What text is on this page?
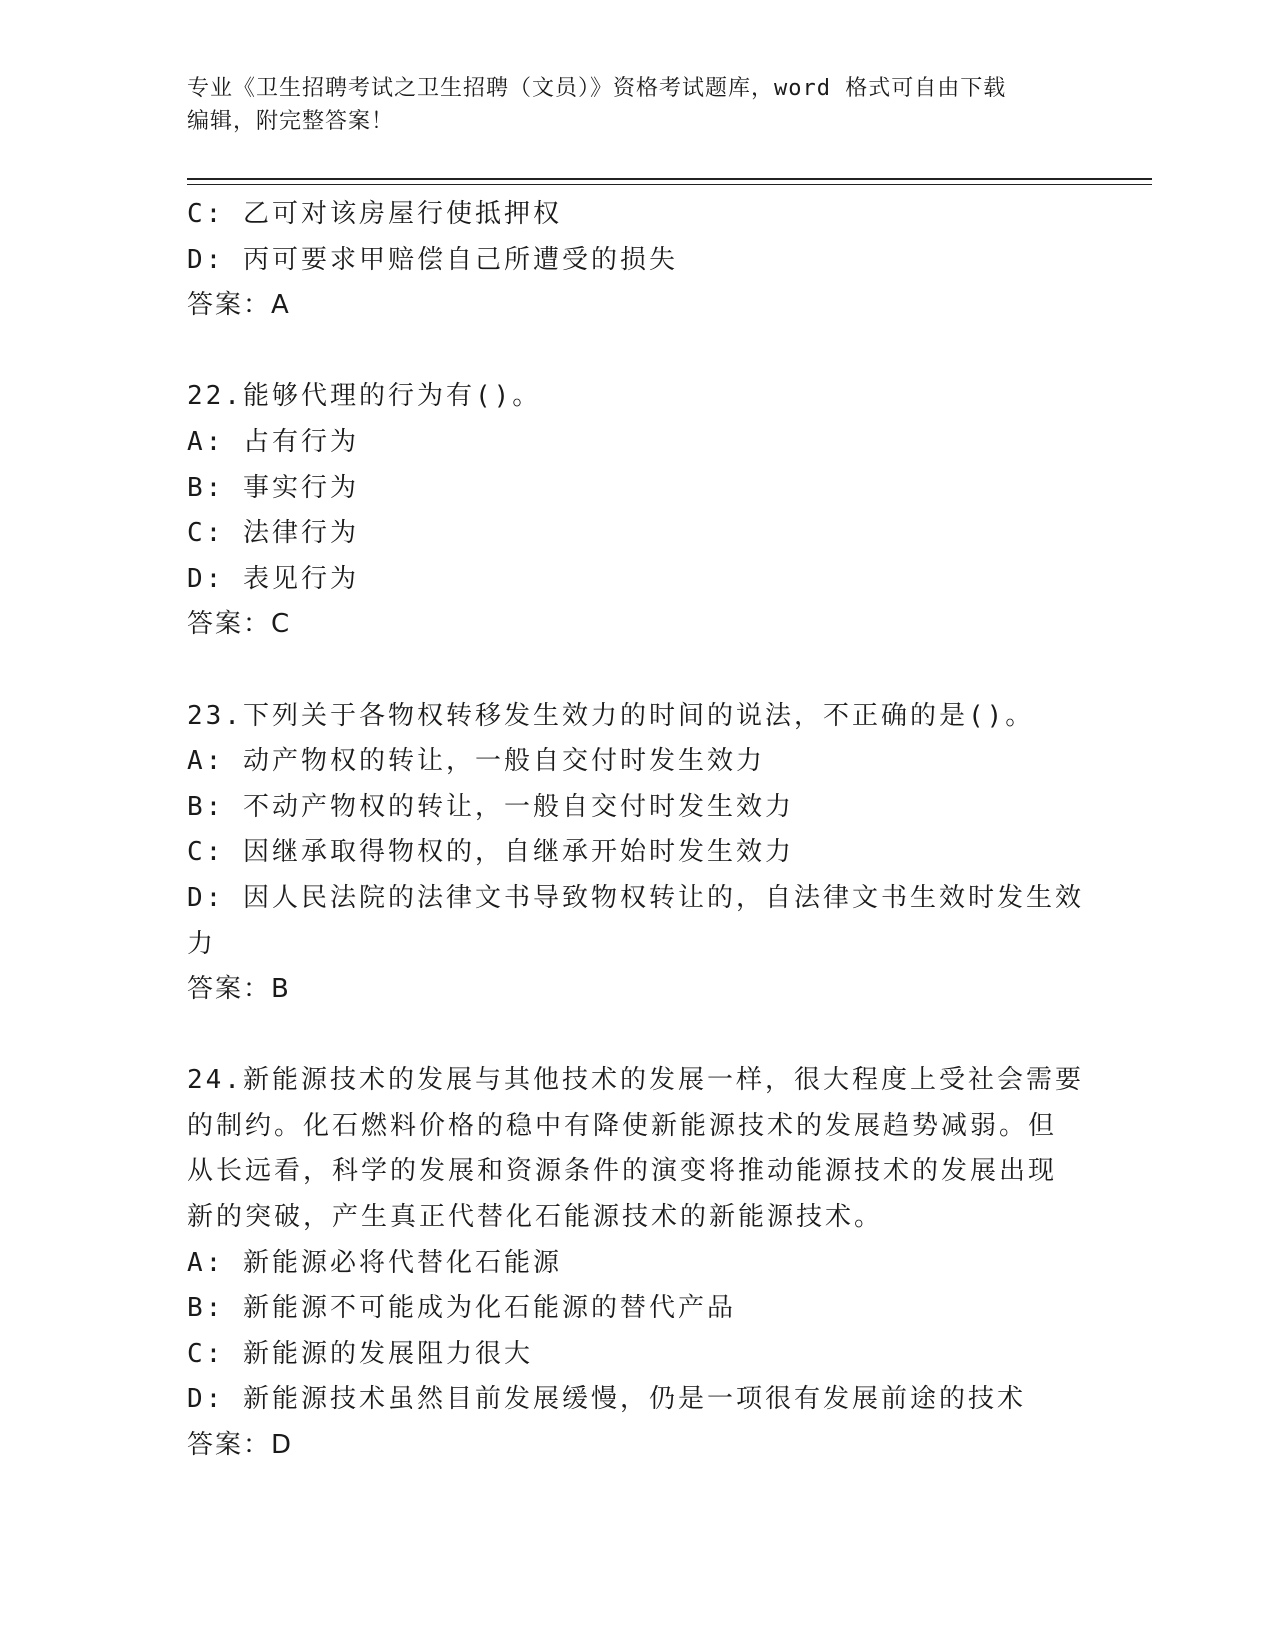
专业《卫生招聘考试之卫生招聘（文员）》资格考试题库，word 格式可自由下载
编辑，附完整答案！

C: 乙可对该房屋行使抵押权

D: 丙可要求甲赔偿自己所遭受的损失

答案：A

22.能够代理的行为有()。

A: 占有行为

B: 事实行为

C: 法律行为

D: 表见行为

答案：C

23.下列关于各物权转移发生效力的时间的说法，不正确的是()。

A: 动产物权的转让，一般自交付时发生效力

B: 不动产物权的转让，一般自交付时发生效力

C: 因继承取得物权的，自继承开始时发生效力

D: 因人民法院的法律文书导致物权转让的，自法律文书生效时发生效

力

答案：B

24.新能源技术的发展与其他技术的发展一样，很大程度上受社会需要

的制约。化石燃料价格的稳中有降使新能源技术的发展趋势减弱。但

从长远看，科学的发展和资源条件的演变将推动能源技术的发展出现

新的突破，产生真正代替化石能源技术的新能源技术。

A: 新能源必将代替化石能源

B: 新能源不可能成为化石能源的替代产品

C: 新能源的发展阻力很大

D: 新能源技术虽然目前发展缓慢，仍是一项很有发展前途的技术

答案：D
